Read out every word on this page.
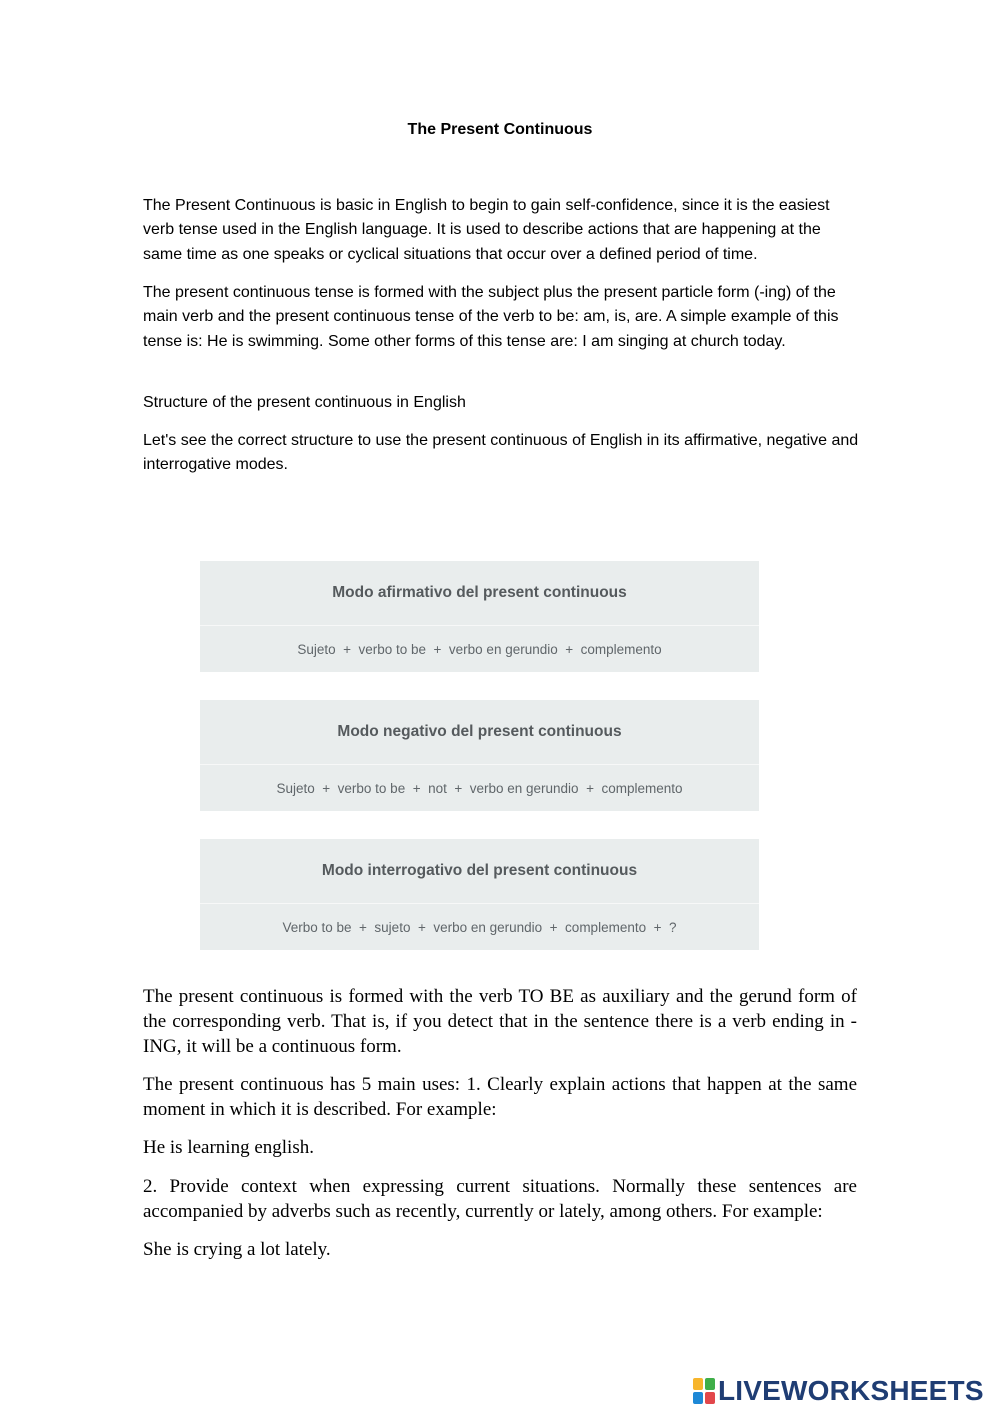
The Present Continuous

The Present Continuous is basic in English to begin to gain self-confidence, since it is the easiest verb tense used in the English language. It is used to describe actions that are happening at the same time as one speaks or cyclical situations that occur over a defined period of time.

The present continuous tense is formed with the subject plus the present particle form (-ing) of the main verb and the present continuous tense of the verb to be: am, is, are. A simple example of this tense is: He is swimming. Some other forms of this tense are: I am singing at church today.

Structure of the present continuous in English

Let's see the correct structure to use the present continuous of English in its affirmative, negative and interrogative modes.

Modo afirmativo del present continuous
Sujeto  +  verbo to be  +  verbo en gerundio  +  complemento
Modo negativo del present continuous
Sujeto  +  verbo to be  +  not  +  verbo en gerundio  +  complemento
Modo interrogativo del present continuous
Verbo to be  +  sujeto  +  verbo en gerundio  +  complemento  +  ?

The present continuous is formed with the verb TO BE as auxiliary and the gerund form of the corresponding verb. That is, if you detect that in the sentence there is a verb ending in -ING, it will be a continuous form.

The present continuous has 5 main uses: 1. Clearly explain actions that happen at the same moment in which it is described. For example:

He is learning english.

2. Provide context when expressing current situations. Normally these sentences are accompanied by adverbs such as recently, currently or lately, among others. For example:

She is crying a lot lately.

LIVEWORKSHEETS
